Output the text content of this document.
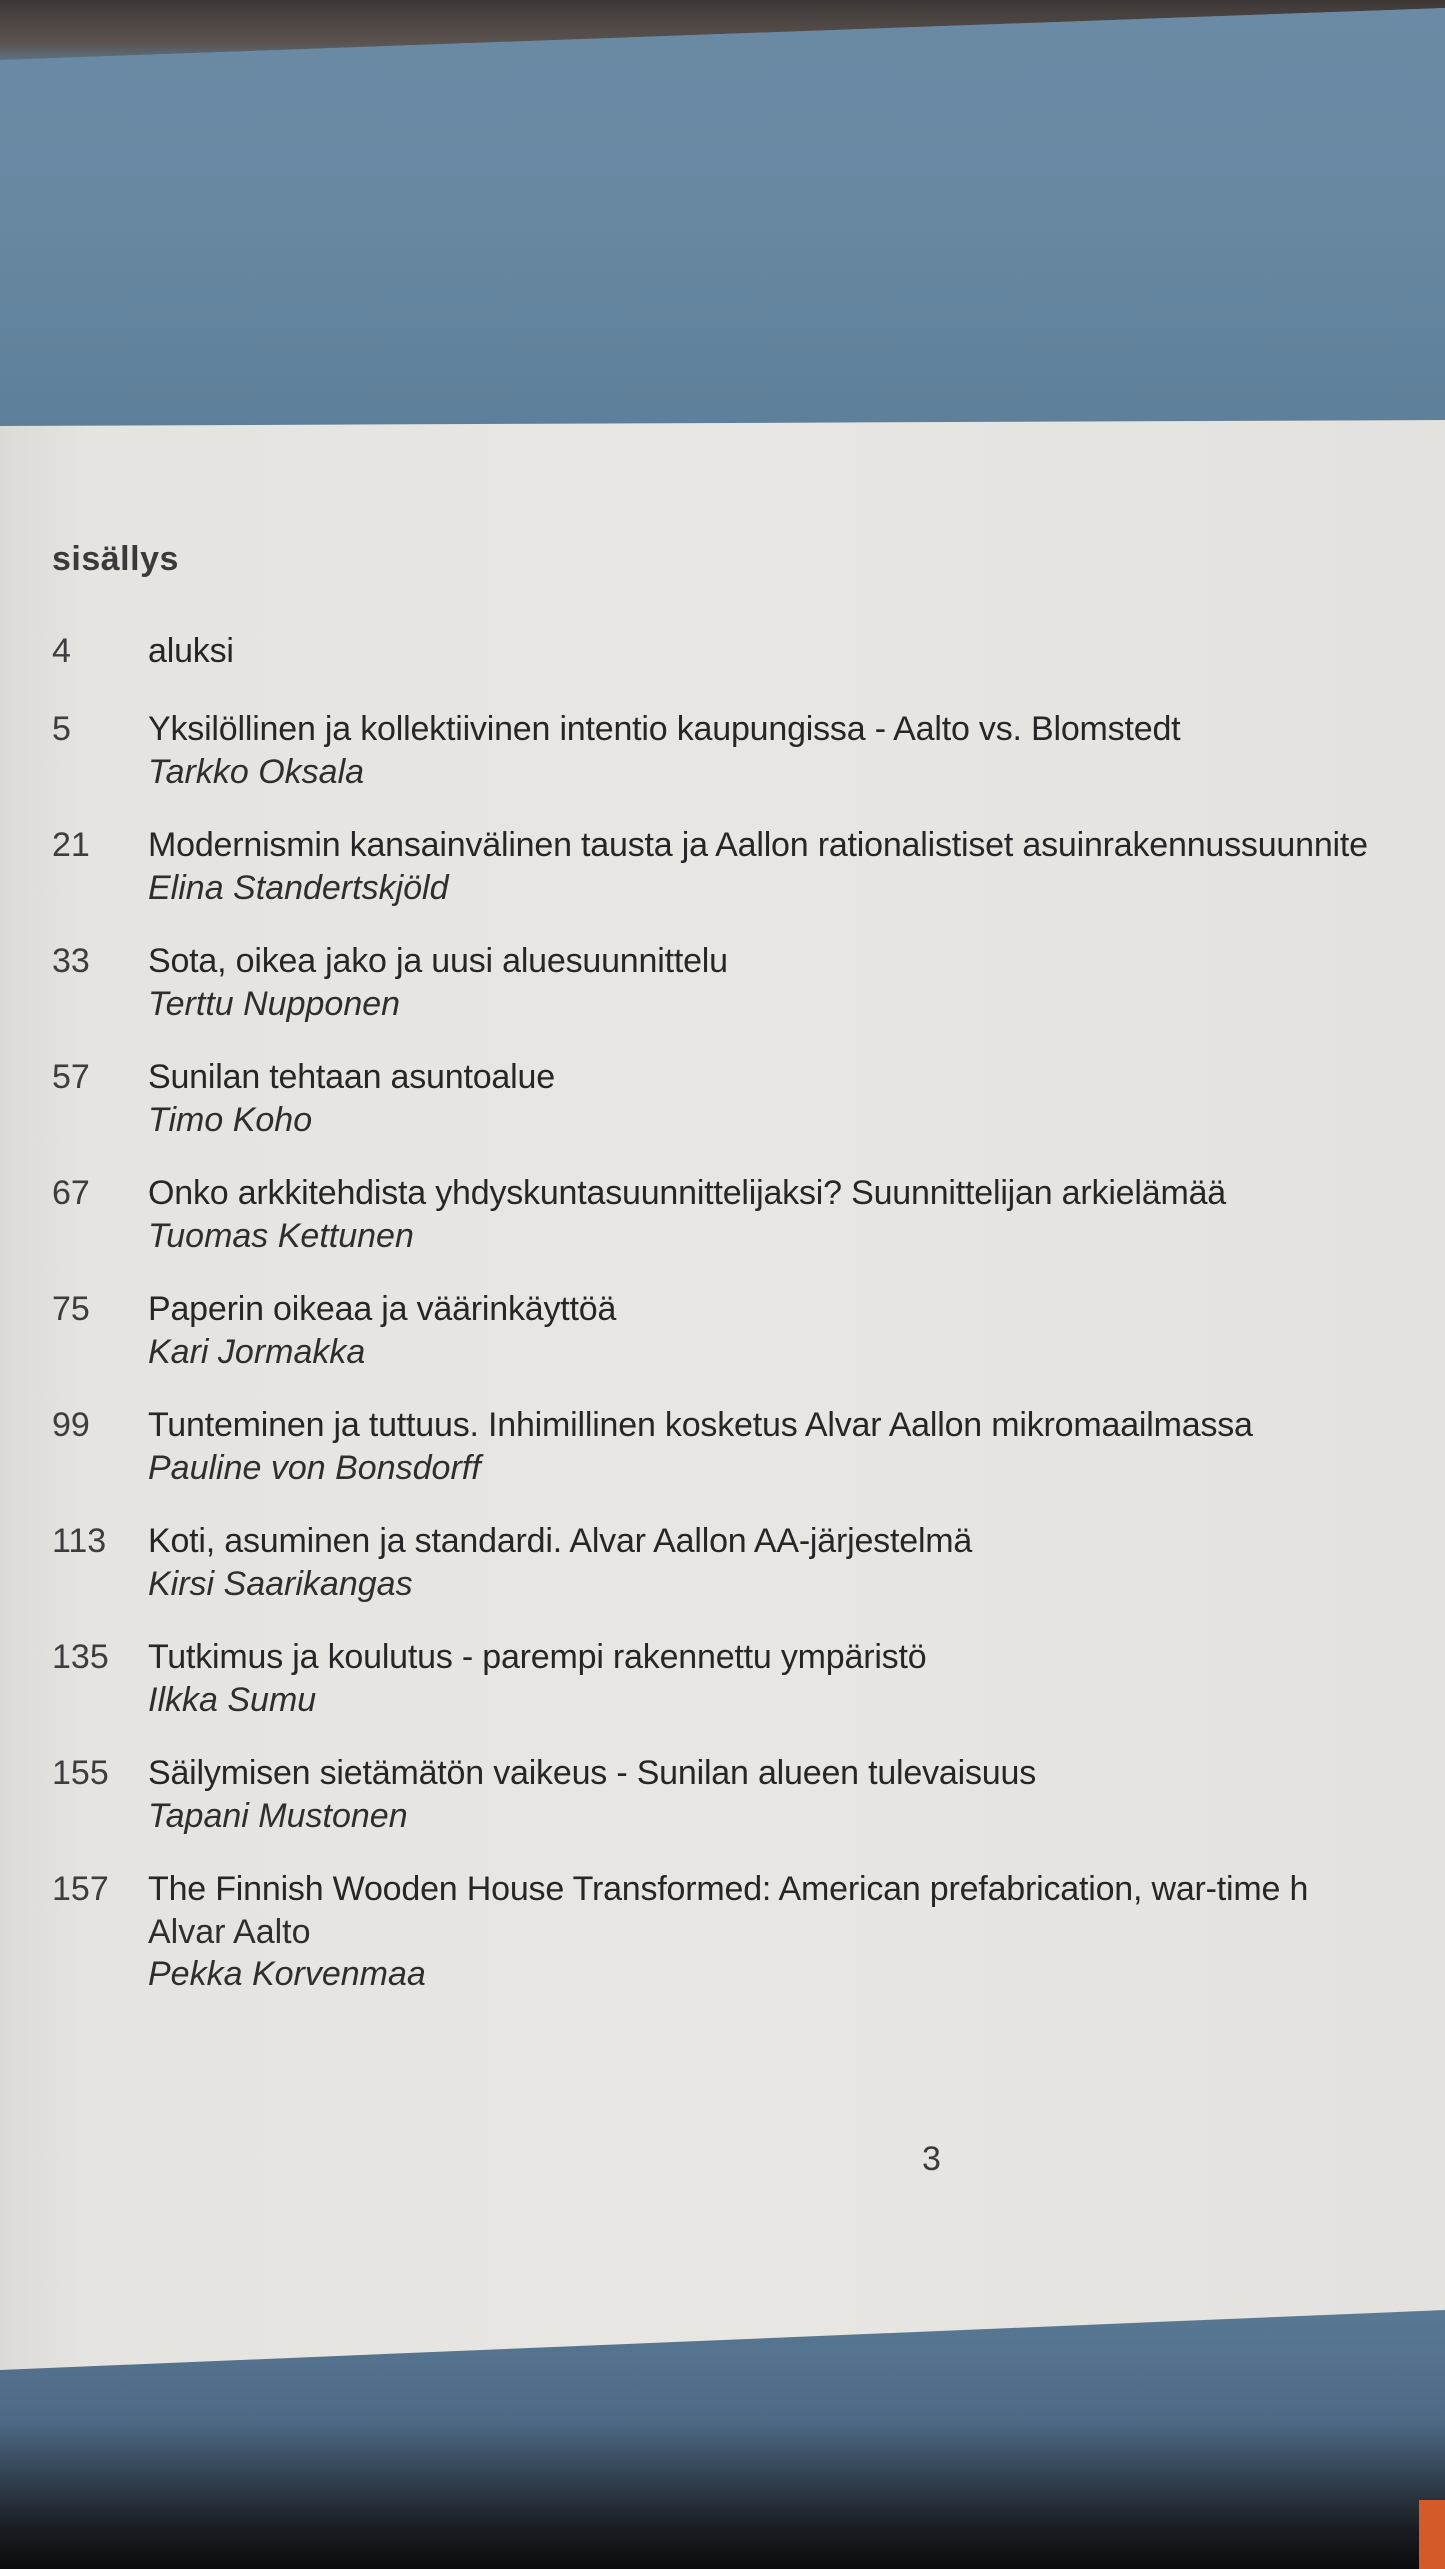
sisällys
4	aluksi
5	Yksilöllinen ja kollektiivinen intentio kaupungissa - Aalto vs. Blomstedt
Tarkko Oksala
21	Modernismin kansainvälinen tausta ja Aallon rationalistiset asuinrakennussuunnite
Elina Standertskjöld
33	Sota, oikea jako ja uusi aluesuunnittelu
Terttu Nupponen
57	Sunilan tehtaan asuntoalue
Timo Koho
67	Onko arkkitehdista yhdyskuntasuunnittelijaksi? Suunnittelijan arkielämää
Tuomas Kettunen
75	Paperin oikeaa ja väärinkäyttöä
Kari Jormakka
99	Tunteminen ja tuttuus. Inhimillinen kosketus Alvar Aallon mikromaailmassa
Pauline von Bonsdorff
113	Koti, asuminen ja standardi. Alvar Aallon AA-järjestelmä
Kirsi Saarikangas
135	Tutkimus ja koulutus - parempi rakennettu ympäristö
Ilkka Sumu
155	Säilymisen sietämätön vaikeus - Sunilan alueen tulevaisuus
Tapani Mustonen
157	The Finnish Wooden House Transformed: American prefabrication, war-time h
Alvar Aalto
Pekka Korvenmaa
3
